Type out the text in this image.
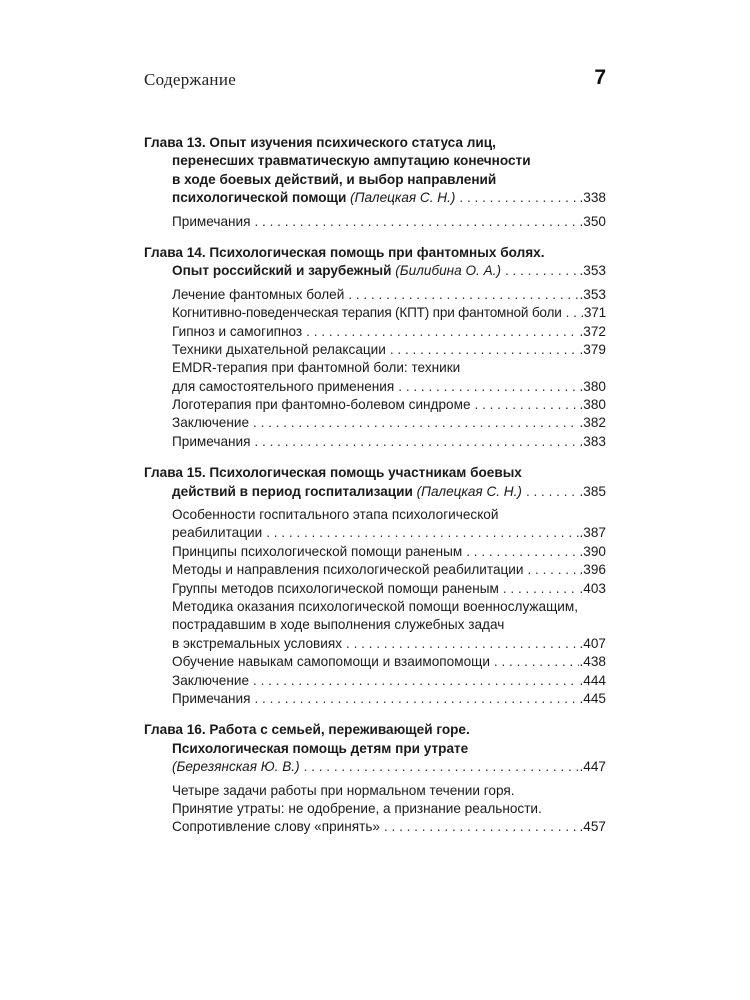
Содержание	7
Глава 13. Опыт изучения психического статуса лиц,
перенесших травматическую ампутацию конечности
в ходе боевых действий, и выбор направлений
психологической помощи (Палецкая С. Н.) . . .	.338
Примечания . . .	.350
Глава 14. Психологическая помощь при фантомных болях.
Опыт российский и зарубежный (Билибина О. А.) . . .	.353
Лечение фантомных болей . . .	.353
Когнитивно-поведенческая терапия (КПТ) при фантомной боли . . . .371
Гипноз и самогипноз . . .	.372
Техники дыхательной релаксации . . .	.379
EMDR-терапия при фантомной боли: техники
для самостоятельного применения . . .	.380
Логотерапия при фантомно-болевом синдроме . . .	.380
Заключение . . .	.382
Примечания . . .	.383
Глава 15. Психологическая помощь участникам боевых
действий в период госпитализации (Палецкая С. Н.) . . .	.385
Особенности госпитального этапа психологической
реабилитации . . .	.387
Принципы психологической помощи раненым . . .	.390
Методы и направления психологической реабилитации . . .	.396
Группы методов психологической помощи раненым . . .	.403
Методика оказания психологической помощи военнослужащим,
пострадавшим в ходе выполнения служебных задач
в экстремальных условиях . . .	.407
Обучение навыкам самопомощи и взаимопомощи . . .	.438
Заключение . . .	.444
Примечания . . .	.445
Глава 16. Работа с семьей, переживающей горе.
Психологическая помощь детям при утрате
(Березянская Ю. В.) . . .	.447
Четыре задачи работы при нормальном течении горя.
Принятие утраты: не одобрение, а признание реальности.
Сопротивление слову «принять» . . .	.457
